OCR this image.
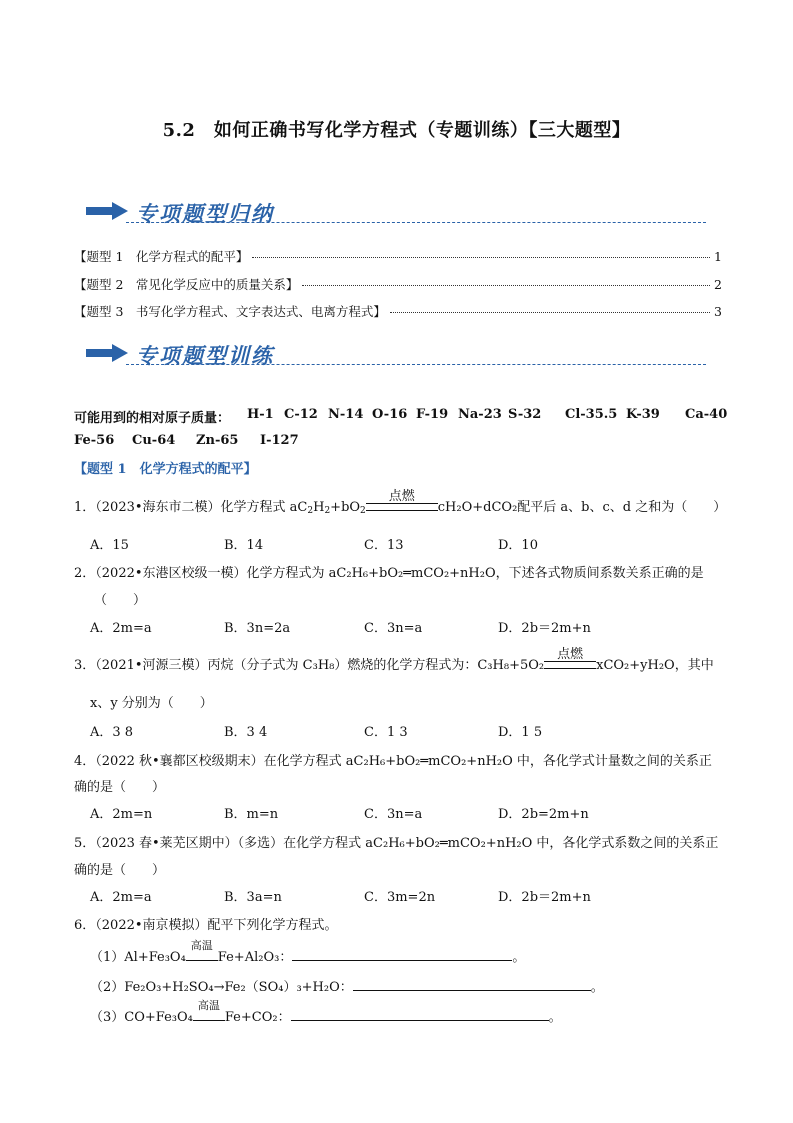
5.2　如何正确书写化学方程式（专题训练）【三大题型】
专项题型归纳
【题型 1　化学方程式的配平】	1
【题型 2　常见化学反应中的质量关系】	2
【题型 3　书写化学方程式、文字表达式、电离方程式】	3
专项题型训练
可能用到的相对原子质量： H-1 C-12 N-14 O-16 F-19 Na-23 S-32 Cl-35.5 K-39 Ca-40
Fe-56 Cu-64 Zn-65 I-127
【题型 1　化学方程式的配平】
1．（2023•海东市二模）化学方程式 $aC_2H_2+bO_2$
点燃
cH₂O+dCO₂配平后 a、b、c、d 之和为（　　）
A．15	B．14	C．13	D．10
2．（2022•东港区校级一模）化学方程式为 aC₂H₆+bO₂═mCO₂+nH₂O，下述各式物质间系数关系正确的是
（　　）
A．2m=a	B．3n=2a	C．3n=a	D．2b＝2m+n
3．（2021•河源三模）丙烷（分子式为 C₃H₈）燃烧的化学方程式为：C₃H₈+5O₂
点燃
xCO₂+yH₂O，其中
x、y 分别为（　　）
A．3 8	B．3 4	C．1 3	D．1 5
4．（2022 秋•襄都区校级期末）在化学方程式 aC₂H₆+bO₂═mCO₂+nH₂O 中，各化学式计量数之间的关系正
确的是（　　）
A．2m=n	B．m=n	C．3n=a	D．2b=2m+n
5．（2023 春•莱芜区期中）（多选）在化学方程式 aC₂H₆+bO₂═mCO₂+nH₂O 中，各化学式系数之间的关系正
确的是（　　）
A．2m=a	B．3a=n	C．3m=2n	D．2b＝2m+n
6．（2022•南京模拟）配平下列化学方程式。
（1）Al+Fe₃O₄
高温
Fe+Al₂O₃：	。
（2）Fe₂O₃+H₂SO₄→Fe₂（SO₄）₃+H₂O：	。
（3）CO+Fe₃O₄
高温
Fe+CO₂：	。
